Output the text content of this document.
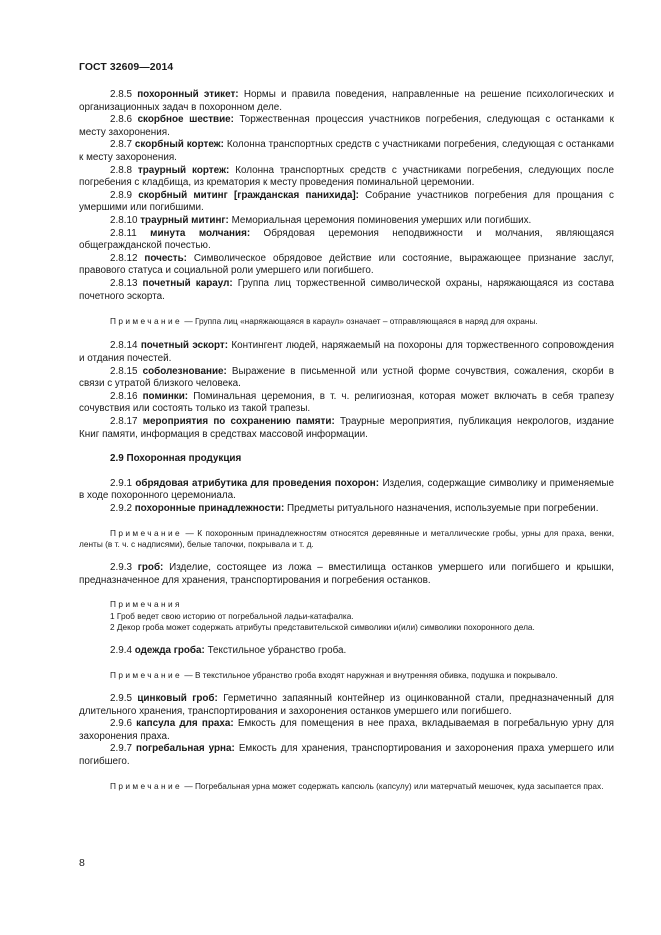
ГОСТ 32609—2014

2.8.5 похоронный этикет: Нормы и правила поведения, направленные на решение психологических и организационных задач в похоронном деле.

2.8.6 скорбное шествие: Торжественная процессия участников погребения, следующая с останками к месту захоронения.

2.8.7 скорбный кортеж: Колонна транспортных средств с участниками погребения, следующая с останками к месту захоронения.

2.8.8 траурный кортеж: Колонна транспортных средств с участниками погребения, следующих после погребения с кладбища, из крематория к месту проведения поминальной церемонии.

2.8.9 скорбный митинг [гражданская панихида]: Собрание участников погребения для прощания с умершими или погибшими.

2.8.10 траурный митинг: Мемориальная церемония поминовения умерших или погибших.

2.8.11 минута молчания: Обрядовая церемония неподвижности и молчания, являющаяся общегражданской почестью.

2.8.12 почесть: Символическое обрядовое действие или состояние, выражающее признание заслуг, правового статуса и социальной роли умершего или погибшего.

2.8.13 почетный караул: Группа лиц торжественной символической охраны, наряжающаяся из состава почетного эскорта.

Примечание — Группа лиц «наряжающаяся в караул» означает – отправляющаяся в наряд для охраны.

2.8.14 почетный эскорт: Контингент людей, наряжаемый на похороны для торжественного сопровождения и отдания почестей.

2.8.15 соболезнование: Выражение в письменной или устной форме сочувствия, сожаления, скорби в связи с утратой близкого человека.

2.8.16 поминки: Поминальная церемония, в т. ч. религиозная, которая может включать в себя трапезу сочувствия или состоять только из такой трапезы.

2.8.17 мероприятия по сохранению памяти: Траурные мероприятия, публикация некрологов, издание Книг памяти, информация в средствах массовой информации.

2.9 Похоронная продукция

2.9.1 обрядовая атрибутика для проведения похорон: Изделия, содержащие символику и применяемые в ходе похоронного церемониала.

2.9.2 похоронные принадлежности: Предметы ритуального назначения, используемые при погребении.

Примечание — К похоронным принадлежностям относятся деревянные и металлические гробы, урны для праха, венки, ленты (в т. ч. с надписями), белые тапочки, покрывала и т. д.

2.9.3 гроб: Изделие, состоящее из ложа – вместилища останков умершего или погибшего и крышки, предназначенное для хранения, транспортирования и погребения останков.

Примечания

1 Гроб ведет свою историю от погребальной ладьи-катафалка.

2 Декор гроба может содержать атрибуты представительской символики и(или) символики похоронного дела.

2.9.4 одежда гроба: Текстильное убранство гроба.

Примечание — В текстильное убранство гроба входят наружная и внутренняя обивка, подушка и покрывало.

2.9.5 цинковый гроб: Герметично запаянный контейнер из оцинкованной стали, предназначенный для длительного хранения, транспортирования и захоронения останков умершего или погибшего.

2.9.6 капсула для праха: Емкость для помещения в нее праха, вкладываемая в погребальную урну для захоронения праха.

2.9.7 погребальная урна: Емкость для хранения, транспортирования и захоронения праха умершего или погибшего.

Примечание — Погребальная урна может содержать капсюль (капсулу) или матерчатый мешочек, куда засыпается прах.

8
